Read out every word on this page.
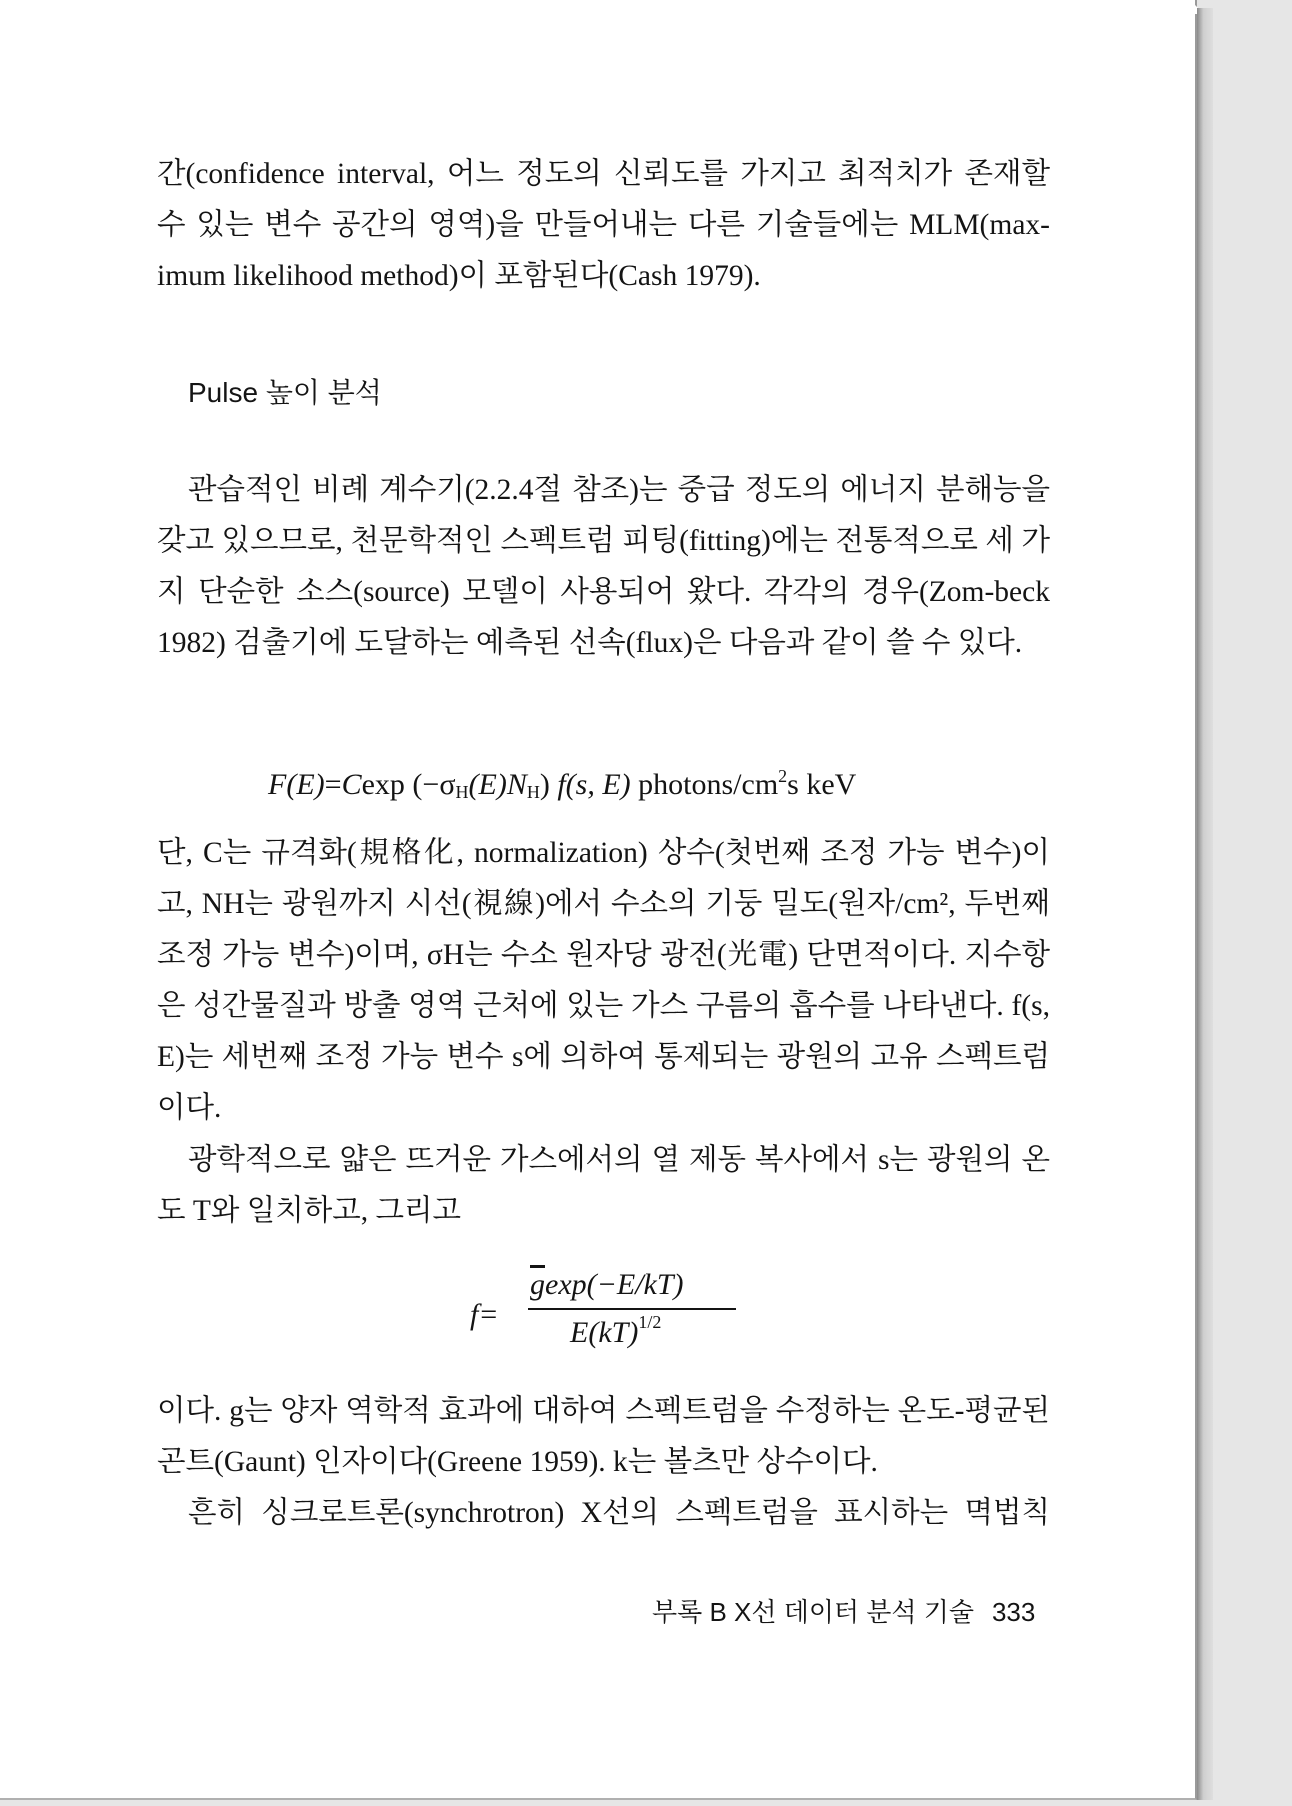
간(confidence interval, 어느 정도의 신뢰도를 가지고 최적치가 존재할 수 있는 변수 공간의 영역)을 만들어내는 다른 기술들에는 MLM(max-imum likelihood method)이 포함된다(Cash 1979).

Pulse 높이 분석

관습적인 비례 계수기(2.2.4절 참조)는 중급 정도의 에너지 분해능을 갖고 있으므로, 천문학적인 스펙트럼 피팅(fitting)에는 전통적으로 세 가지 단순한 소스(source) 모델이 사용되어 왔다. 각각의 경우(Zom-beck 1982) 검출기에 도달하는 예측된 선속(flux)은 다음과 같이 쓸 수 있다.

F(E)=Cexp $(-\sigma_H(E)N_H)$ f(s, E) photons/$cm^2s$ keV

단, C는 규격화(規格化, normalization) 상수(첫번째 조정 가능 변수)이고, NH는 광원까지 시선(視線)에서 수소의 기둥 밀도(원자/cm², 두번째 조정 가능 변수)이며, σH는 수소 원자당 광전(光電) 단면적이다. 지수항은 성간물질과 방출 영역 근처에 있는 가스 구름의 흡수를 나타낸다. f(s, E)는 세번째 조정 가능 변수 s에 의하여 통제되는 광원의 고유 스펙트럼이다.

광학적으로 얇은 뜨거운 가스에서의 열 제동 복사에서 s는 광원의 온도 T와 일치하고, 그리고

f=
$\overline{g}\exp(-E/kT)$
E(kT)$^{1/2}$

이다. g는 양자 역학적 효과에 대하여 스펙트럼을 수정하는 온도-평균된 곤트(Gaunt) 인자이다(Greene 1959). k는 볼츠만 상수이다.

흔히 싱크로트론(synchrotron) X선의 스펙트럼을 표시하는 멱법칙

부록 B X선 데이터 분석 기술 333
